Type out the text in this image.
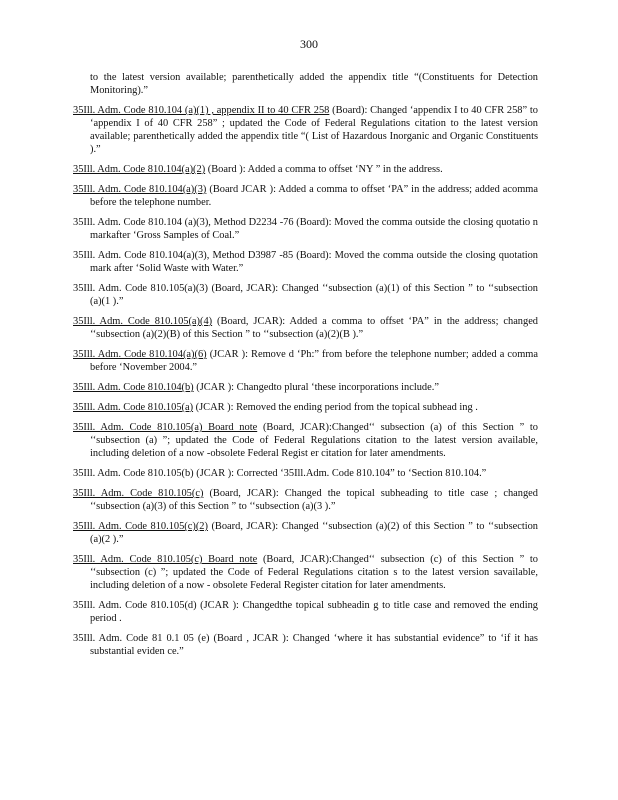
300

to the latest version available; parenthetically added the appendix title “(Constituents for Detection Monitoring).”

35Ill. Adm. Code 810.104 (a)(1) , appendix II to 40 CFR 258 (Board): Changed ‘appendix I to 40 CFR 258” to ‘appendix I of 40 CFR 258” ; updated the Code of Federal Regulations citation to the latest version available; parenthetically added the appendix title “( List of Hazardous Inorganic and Organic Constituents ).”

35Ill. Adm. Code 810.104(a)(2) (Board ): Added a comma to offset ‘NY ” in the address.

35Ill. Adm. Code 810.104(a)(3) (Board JCAR ): Added a comma to offset ‘PA” in the address; added acomma before the telephone number.

35Ill. Adm. Code 810.104 (a)(3), Method D2234 -76 (Board): Moved the comma outside the closing quotatio n markafter ‘Gross Samples of Coal.”

35Ill. Adm. Code 810.104(a)(3), Method D3987 -85 (Board): Moved the comma outside the closing quotation mark after ‘Solid Waste with Water.”

35Ill. Adm. Code 810.105(a)(3) (Board, JCAR): Changed ‘‘subsection (a)(1) of this Section ” to ‘‘subsection (a)(1 ).”

35Ill. Adm. Code 810.105(a)(4) (Board, JCAR): Added a comma to offset ‘PA” in the address; changed ‘‘subsection (a)(2)(B) of this Section ” to ‘‘subsection (a)(2)(B ).”

35Ill. Adm. Code 810.104(a)(6) (JCAR ): Remove d ‘Ph:” from before the telephone number; added a comma before ‘November 2004.”

35Ill. Adm. Code 810.104(b) (JCAR ): Changedto plural ‘these incorporations include.”

35Ill. Adm. Code 810.105(a) (JCAR ): Removed the ending period from the topical subhead ing .

35Ill. Adm. Code 810.105(a) Board note (Board, JCAR):Changed‘‘ subsection (a) of this Section ” to ‘‘subsection (a) ”; updated the Code of Federal Regulations citation to the latest version available, including deletion of a now -obsolete Federal Regist er citation for later amendments.

35Ill. Adm. Code 810.105(b) (JCAR ): Corrected ‘35Ill.Adm. Code 810.104” to ‘Section 810.104.”

35Ill. Adm. Code 810.105(c) (Board, JCAR): Changed the topical subheading to title case ; changed ‘‘subsection (a)(3) of this Section ” to ‘‘subsection (a)(3 ).”

35Ill. Adm. Code 810.105(c)(2) (Board, JCAR): Changed ‘‘subsection (a)(2) of this Section ” to ‘‘subsection (a)(2 ).”

35Ill. Adm. Code 810.105(c) Board note (Board, JCAR):Changed‘‘ subsection (c) of this Section ” to ‘‘subsection (c) ”; updated the Code of Federal Regulations citation s to the latest version savailable, including deletion of a now - obsolete Federal Register citation for later amendments.

35Ill. Adm. Code 810.105(d) (JCAR ): Changedthe topical subheadin g to title case and removed the ending period .

35Ill. Adm. Code 81 0.1 05 (e) (Board , JCAR ): Changed ‘where it has substantial evidence” to ‘if it has substantial eviden ce.”
